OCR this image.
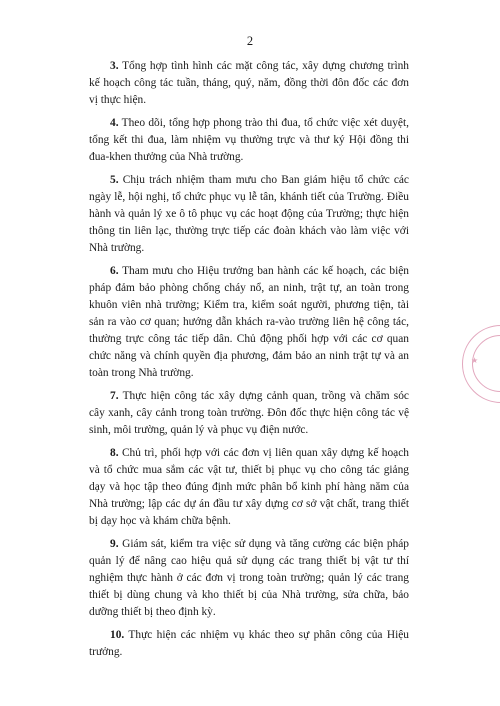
2

3. Tổng hợp tình hình các mặt công tác, xây dựng chương trình kế hoạch công tác tuần, tháng, quý, năm, đồng thời đôn đốc các đơn vị thực hiện.

4. Theo dõi, tổng hợp phong trào thi đua, tổ chức việc xét duyệt, tổng kết thi đua, làm nhiệm vụ thường trực và thư ký Hội đồng thi đua-khen thưởng của Nhà trường.

5. Chịu trách nhiệm tham mưu cho Ban giám hiệu tổ chức các ngày lễ, hội nghị, tổ chức phục vụ lễ tân, khánh tiết của Trường. Điều hành và quản lý xe ô tô phục vụ các hoạt động của Trường; thực hiện thông tin liên lạc, thường trực tiếp các đoàn khách vào làm việc với Nhà trường.

6. Tham mưu cho Hiệu trưởng ban hành các kế hoạch, các biện pháp đảm bảo phòng chống cháy nổ, an ninh, trật tự, an toàn trong khuôn viên nhà trường; Kiểm tra, kiểm soát người, phương tiện, tài sản ra vào cơ quan; hướng dẫn khách ra-vào trường liên hệ công tác, thường trực công tác tiếp dân. Chủ động phối hợp với các cơ quan chức năng và chính quyền địa phương, đảm bảo an ninh trật tự và an toàn trong Nhà trường.

7. Thực hiện công tác xây dựng cảnh quan, trồng và chăm sóc cây xanh, cây cảnh trong toàn trường. Đôn đốc thực hiện công tác vệ sinh, môi trường, quản lý và phục vụ điện nước.

8. Chủ trì, phối hợp với các đơn vị liên quan xây dựng kế hoạch và tổ chức mua sắm các vật tư, thiết bị phục vụ cho công tác giảng dạy và học tập theo đúng định mức phân bổ kinh phí hàng năm của Nhà trường; lập các dự án đầu tư xây dựng cơ sở vật chất, trang thiết bị dạy học và khám chữa bệnh.

9. Giám sát, kiểm tra việc sử dụng và tăng cường các biện pháp quản lý để nâng cao hiệu quả sử dụng các trang thiết bị vật tư thí nghiệm thực hành ở các đơn vị trong toàn trường; quản lý các trang thiết bị dùng chung và kho thiết bị của Nhà trường, sửa chữa, bảo dưỡng thiết bị theo định kỳ.

10. Thực hiện các nhiệm vụ khác theo sự phân công của Hiệu trưởng.

★
